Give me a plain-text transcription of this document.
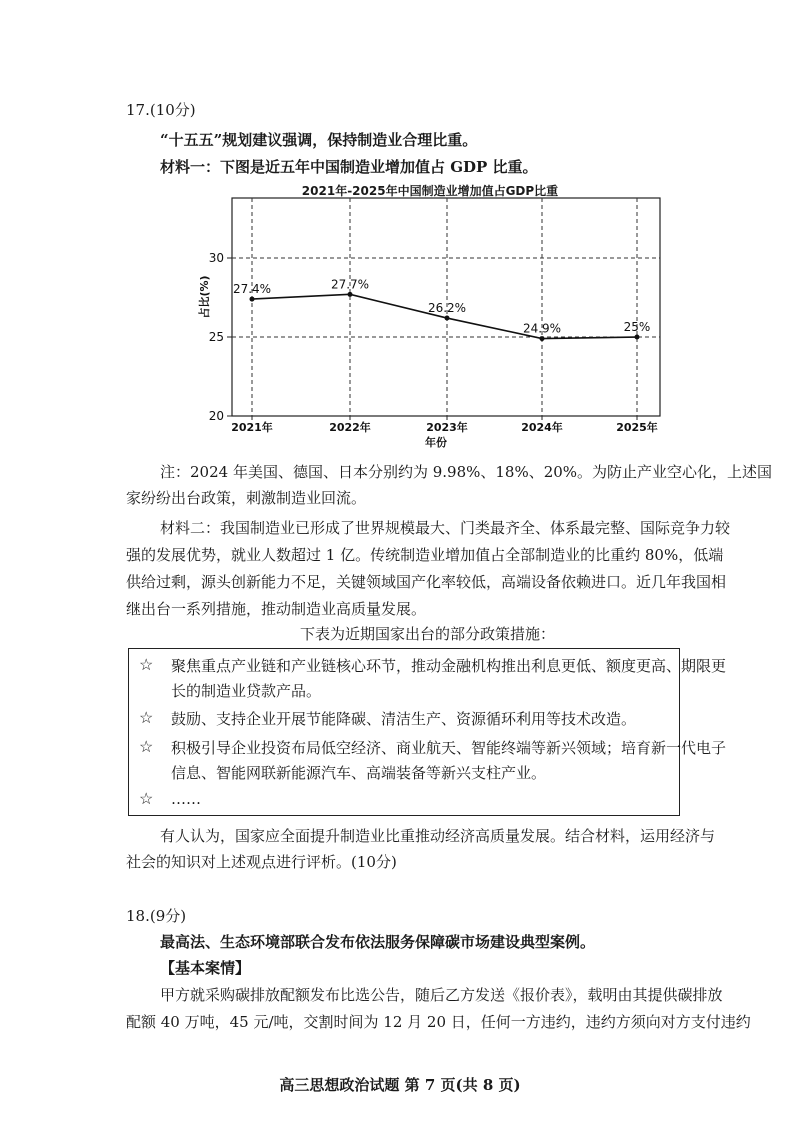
17.(10分)
“十五五”规划建议强调，保持制造业合理比重。
材料一：下图是近五年中国制造业增加值占 GDP 比重。
2021年-2025年中国制造业增加值占GDP比重
20
25
30
2021年	2022年	2023年	2024年	2025年
年份
占比(%) 27.4%	27.7%
26.2%
24.9%	25%
注：2024 年美国、德国、日本分别约为 9.98%、18%、20%。为防止产业空心化，上述国
家纷纷出台政策，刺激制造业回流。
材料二：我国制造业已形成了世界规模最大、门类最齐全、体系最完整、国际竞争力较
强的发展优势，就业人数超过 1 亿。传统制造业增加值占全部制造业的比重约 80%，低端
供给过剩，源头创新能力不足，关键领域国产化率较低，高端设备依赖进口。近几年我国相
继出台一系列措施，推动制造业高质量发展。
下表为近期国家出台的部分政策措施：
☆ 聚焦重点产业链和产业链核心环节，推动金融机构推出利息更低、额度更高、期限更
长的制造业贷款产品。
☆ 鼓励、支持企业开展节能降碳、清洁生产、资源循环利用等技术改造。
☆ 积极引导企业投资布局低空经济、商业航天、智能终端等新兴领域；培育新一代电子
信息、智能网联新能源汽车、高端装备等新兴支柱产业。
☆ ……
有人认为，国家应全面提升制造业比重推动经济高质量发展。结合材料，运用经济与
社会的知识对上述观点进行评析。(10分)
18.(9分)
最高法、生态环境部联合发布依法服务保障碳市场建设典型案例。
【基本案情】
甲方就采购碳排放配额发布比选公告，随后乙方发送《报价表》，载明由其提供碳排放
配额 40 万吨，45 元/吨，交割时间为 12 月 20 日，任何一方违约，违约方须向对方支付违约
高三思想政治试题 第 7 页(共 8 页)
